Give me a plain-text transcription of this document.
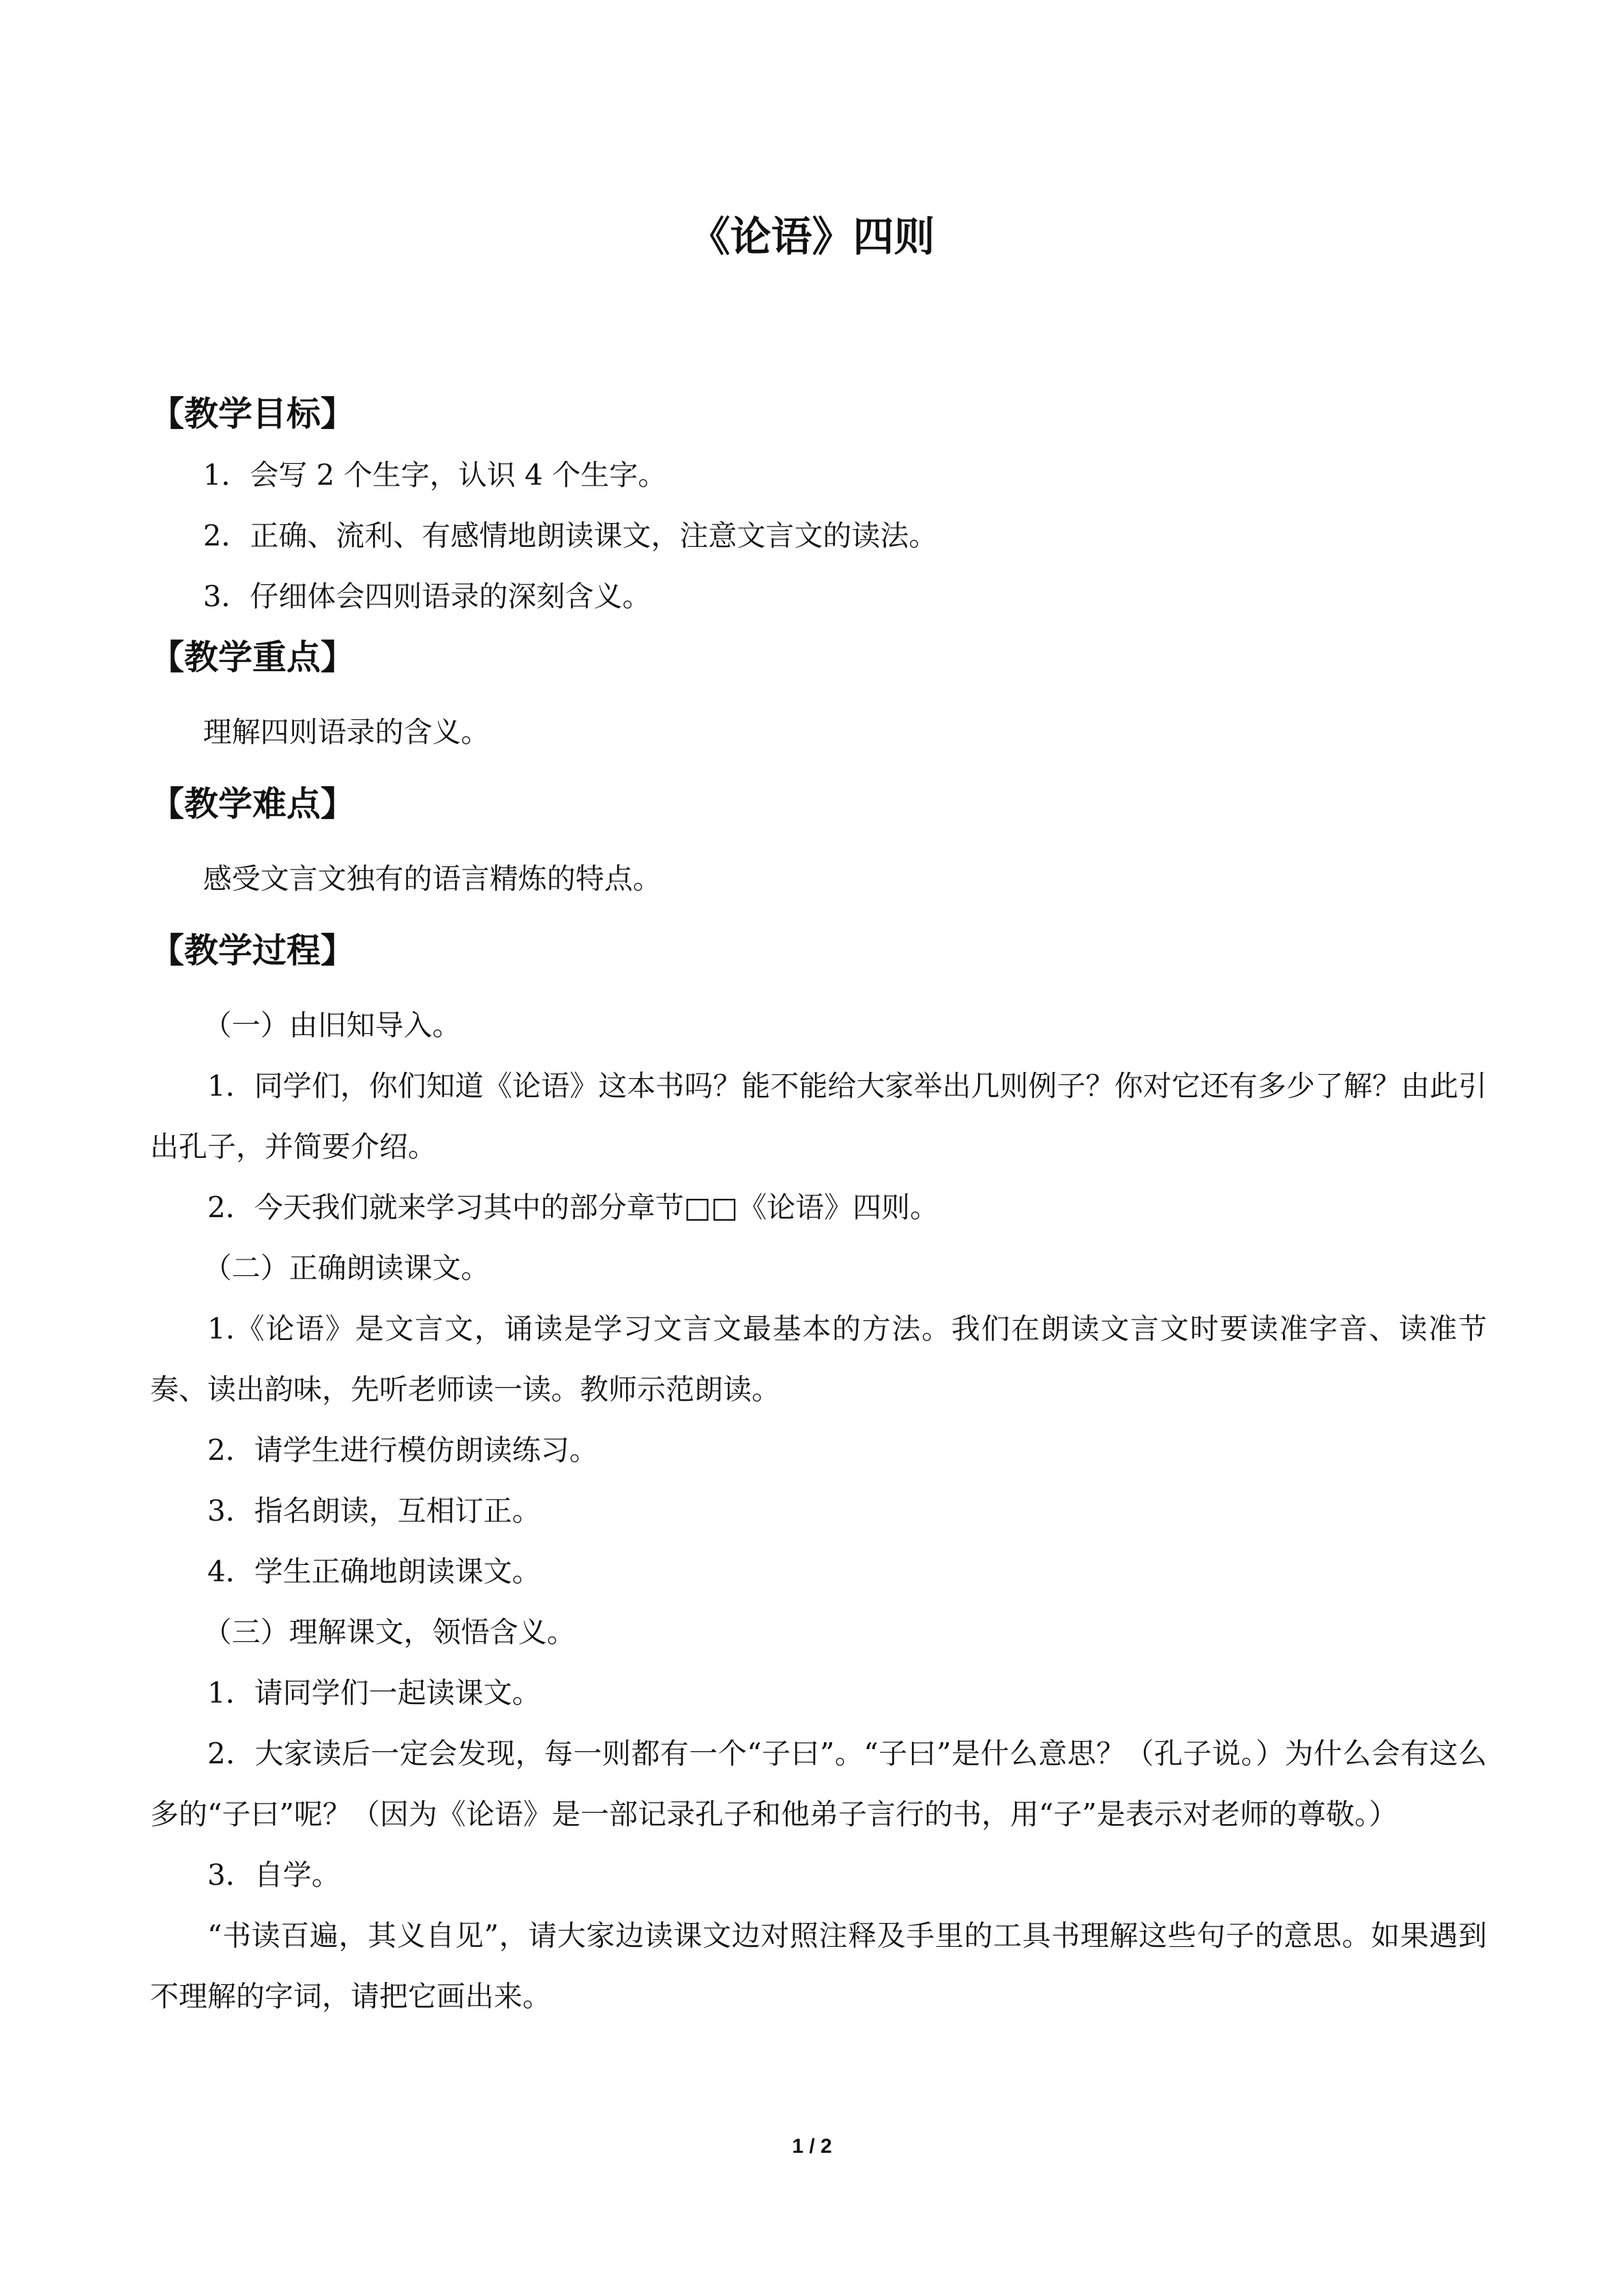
《论语》四则
【教学目标】

1．会写 2 个生字，认识 4 个生字。

2．正确、流利、有感情地朗读课文，注意文言文的读法。

3．仔细体会四则语录的深刻含义。

【教学重点】

理解四则语录的含义。

【教学难点】

感受文言文独有的语言精炼的特点。

【教学过程】

（一）由旧知导入。

1．同学们，你们知道《论语》这本书吗？能不能给大家举出几则例子？你对它还有多少了解？由此引出孔子，并简要介绍。

2．今天我们就来学习其中的部分章节□□《论语》四则。

（二）正确朗读课文。

1.《论语》是文言文，诵读是学习文言文最基本的方法。我们在朗读文言文时要读准字音、读准节奏、读出韵味，先听老师读一读。教师示范朗读。

2．请学生进行模仿朗读练习。

3．指名朗读，互相订正。

4．学生正确地朗读课文。

（三）理解课文，领悟含义。

1．请同学们一起读课文。

2．大家读后一定会发现，每一则都有一个“子曰”。“子曰”是什么意思？（孔子说。）为什么会有这么多的“子曰”呢？（因为《论语》是一部记录孔子和他弟子言行的书，用“子”是表示对老师的尊敬。）

3．自学。

“书读百遍，其义自见”，请大家边读课文边对照注释及手里的工具书理解这些句子的意思。如果遇到不理解的字词，请把它画出来。

1 / 2
